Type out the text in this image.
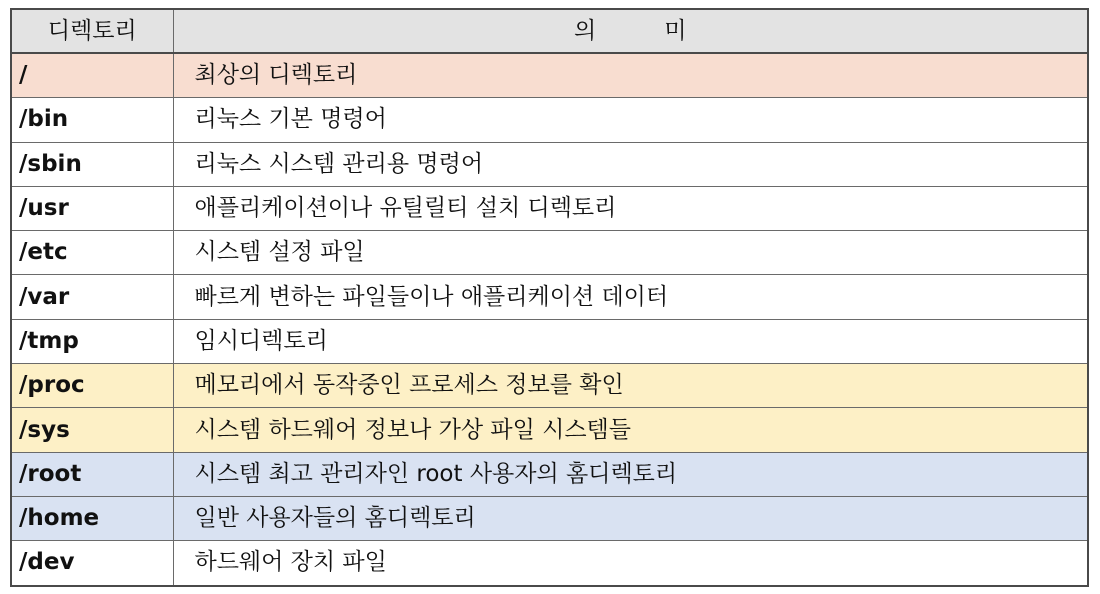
디렉토리	의 미
/	최상의 디렉토리
/bin	리눅스 기본 명령어
/sbin	리눅스 시스템 관리용 명령어
/usr	애플리케이션이나 유틸릴티 설치 디렉토리
/etc	시스템 설정 파일
/var	빠르게 변하는 파일들이나 애플리케이션 데이터
/tmp	임시디렉토리
/proc	메모리에서 동작중인 프로세스 정보를 확인
/sys	시스템 하드웨어 정보나 가상 파일 시스템들
/root	시스템 최고 관리자인 root 사용자의 홈디렉토리
/home	일반 사용자들의 홈디렉토리
/dev	하드웨어 장치 파일
